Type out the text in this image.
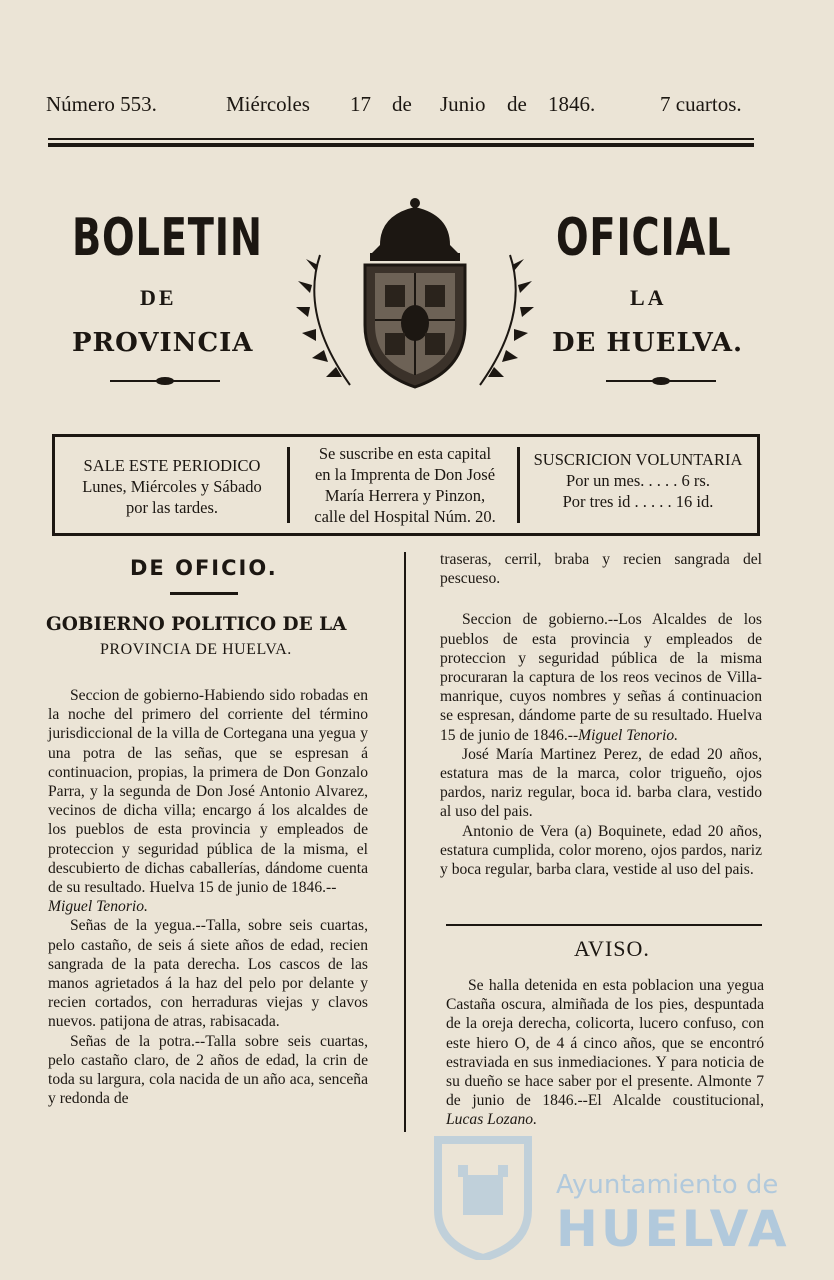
Número 553.	Miércoles 17 de Junio de 1846.	7 cuartos.
BOLETIN	OFICIAL
DE	LA
PROVINCIA	DE HUELVA.
SALE ESTE PERIODICO
Lunes, Miércoles y Sábado
por las tardes.
Se suscribe en esta capital
en la Imprenta de Don José
María Herrera y Pinzon,
calle del Hospital Núm. 20.
SUSCRICION VOLUNTARIA
Por un mes. . . . . 6 rs.
Por tres id . . . . . 16 id.
DE OFICIO.
GOBIERNO POLITICO DE LA
PROVINCIA DE HUELVA.

Seccion de gobierno-Habiendo sido robadas en la noche del primero del corriente del término jurisdiccional de la villa de Cortegana una yegua y una potra de las señas, que se espresan á continuacion, propias, la primera de Don Gonzalo Parra, y la segunda de Don José Antonio Alvarez, vecinos de dicha villa; encargo á los alcaldes de los pueblos de esta provincia y empleados de proteccion y seguridad pública de la misma, el descubierto de dichas caballerías, dándome cuenta de su resultado. Huelva 15 de junio de 1846.--
Miguel Tenorio.

Señas de la yegua.--Talla, sobre seis cuartas, pelo castaño, de seis á siete años de edad, recien sangrada de la pata derecha. Los cascos de las manos agrietados á la haz del pelo por delante y recien cortados, con herraduras viejas y clavos nuevos. patijona de atras, rabisacada.

Señas de la potra.--Talla sobre seis cuartas, pelo castaño claro, de 2 años de edad, la crin de toda su largura, cola nacida de un año aca, senceña y redonda de

traseras, cerril, braba y recien sangrada del pescueso.

Seccion de gobierno.--Los Alcaldes de los pueblos de esta provincia y empleados de proteccion y seguridad pública de la misma procuraran la captura de los reos vecinos de Villa-manrique, cuyos nombres y señas á continuacion se espresan, dándome parte de su resultado. Huelva 15 de junio de 1846.--Miguel Tenorio.

José María Martinez Perez, de edad 20 años, estatura mas de la marca, color trigueño, ojos pardos, nariz regular, boca id. barba clara, vestido al uso del pais.

Antonio de Vera (a) Boquinete, edad 20 años, estatura cumplida, color moreno, ojos pardos, nariz y boca regular, barba clara, vestide al uso del pais.

AVISO.

Se halla detenida en esta poblacion una yegua Castaña oscura, almiñada de los pies, despuntada de la oreja derecha, colicorta, lucero confuso, con este hiero O, de 4 á cinco años, que se encontró estraviada en sus inmediaciones. Y para noticia de su dueño se hace saber por el presente. Almonte 7 de junio de 1846.--El Alcalde coustitucional, Lucas Lozano.

Ayuntamiento de
HUELVA
